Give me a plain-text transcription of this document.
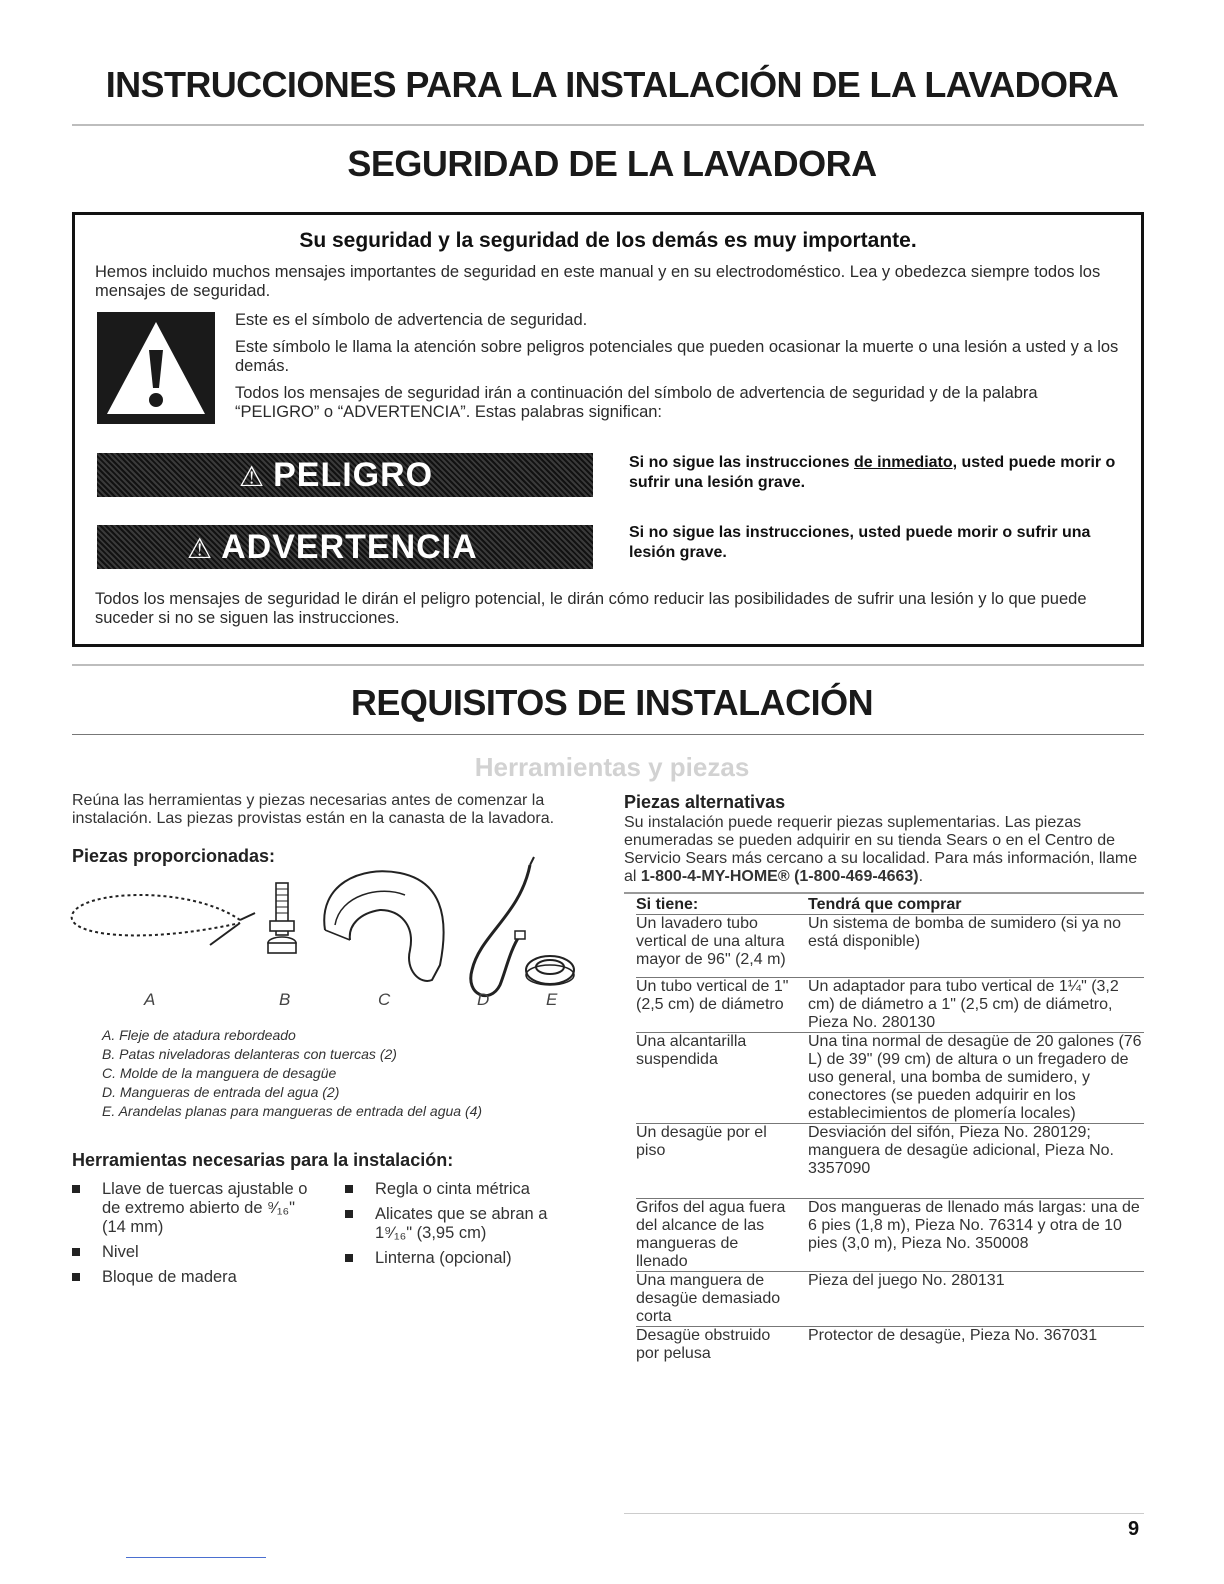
INSTRUCCIONES PARA LA INSTALACIÓN DE LA LAVADORA
SEGURIDAD DE LA LAVADORA
Su seguridad y la seguridad de los demás es muy importante.
Hemos incluido muchos mensajes importantes de seguridad en este manual y en su electrodoméstico. Lea y obedezca siempre todos los mensajes de seguridad.
Este es el símbolo de advertencia de seguridad.
Este símbolo le llama la atención sobre peligros potenciales que pueden ocasionar la muerte o una lesión a usted y a los demás.
Todos los mensajes de seguridad irán a continuación del símbolo de advertencia de seguridad y de la palabra “PELIGRO” o “ADVERTENCIA”. Estas palabras significan:
⚠ PELIGRO	Si no sigue las instrucciones de inmediato, usted puede morir o sufrir una lesión grave.
⚠ ADVERTENCIA	Si no sigue las instrucciones, usted puede morir o sufrir una lesión grave.
Todos los mensajes de seguridad le dirán el peligro potencial, le dirán cómo reducir las posibilidades de sufrir una lesión y lo que puede suceder si no se siguen las instrucciones.
REQUISITOS DE INSTALACIÓN
Herramientas y piezas
Reúna las herramientas y piezas necesarias antes de comenzar la instalación. Las piezas provistas están en la canasta de la lavadora.
Piezas proporcionadas:
A	B	C	D	E
A. Fleje de atadura rebordeado
B. Patas niveladoras delanteras con tuercas (2)
C. Molde de la manguera de desagüe
D. Mangueras de entrada del agua (2)
E. Arandelas planas para mangueras de entrada del agua (4)
Herramientas necesarias para la instalación:
Llave de tuercas ajustable o de extremo abierto de ⁹⁄₁₆" (14 mm)
Nivel
Bloque de madera
Regla o cinta métrica
Alicates que se abran a 1⁹⁄₁₆" (3,95 cm)
Linterna (opcional)
Piezas alternativas
Su instalación puede requerir piezas suplementarias. Las piezas enumeradas se pueden adquirir en su tienda Sears o en el Centro de Servicio Sears más cercano a su localidad. Para más información, llame al 1-800-4-MY-HOME® (1-800-469-4663).
Si tiene:	Tendrá que comprar
Un lavadero tubo vertical de una altura mayor de 96" (2,4 m)	Un sistema de bomba de sumidero (si ya no está disponible)
Un tubo vertical de 1" (2,5 cm) de diámetro	Un adaptador para tubo vertical de 1¼" (3,2 cm) de diámetro a 1" (2,5 cm) de diámetro, Pieza No. 280130
Una alcantarilla suspendida	Una tina normal de desagüe de 20 galones (76 L) de 39" (99 cm) de altura o un fregadero de uso general, una bomba de sumidero, y conectores (se pueden adquirir en los establecimientos de plomería locales)
Un desagüe por el piso	Desviación del sifón, Pieza No. 280129; manguera de desagüe adicional, Pieza No. 3357090
Grifos del agua fuera del alcance de las mangueras de llenado	Dos mangueras de llenado más largas: una de 6 pies (1,8 m), Pieza No. 76314 y otra de 10 pies (3,0 m), Pieza No. 350008
Una manguera de desagüe demasiado corta	Pieza del juego No. 280131
Desagüe obstruido por pelusa	Protector de desagüe, Pieza No. 367031
9
